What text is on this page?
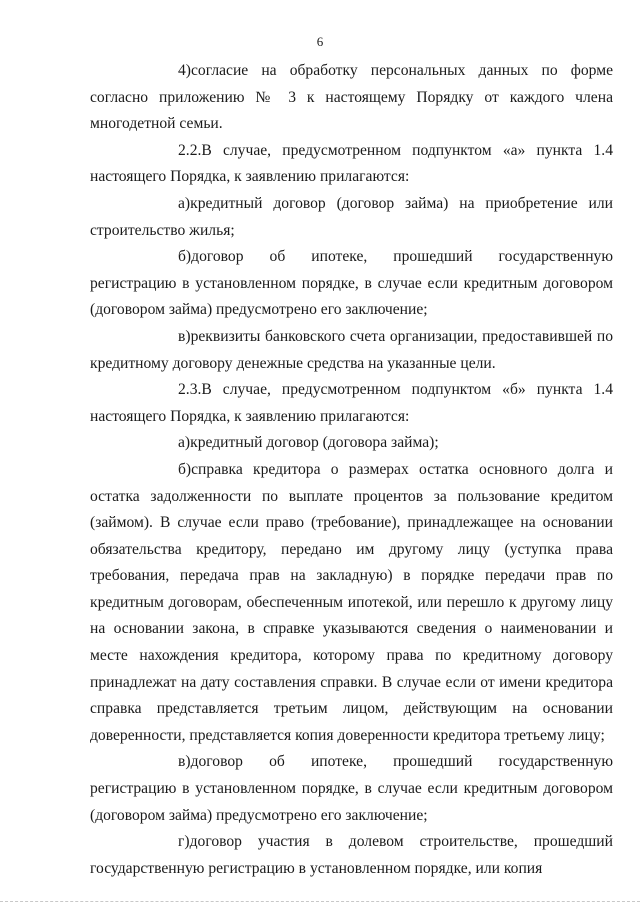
6

4)согласие на обработку персональных данных по форме согласно приложению № 3 к настоящему Порядку от каждого члена многодетной семьи.

2.2.В случае, предусмотренном подпунктом «а» пункта 1.4 настоящего Порядка, к заявлению прилагаются:

а)кредитный договор (договор займа) на приобретение или строительство жилья;

б)договор об ипотеке, прошедший государственную регистрацию в установленном порядке, в случае если кредитным договором (договором займа) предусмотрено его заключение;

в)реквизиты банковского счета организации, предоставившей по кредитному договору денежные средства на указанные цели.

2.3.В случае, предусмотренном подпунктом «б» пункта 1.4 настоящего Порядка, к заявлению прилагаются:

а)кредитный договор (договора займа);

б)справка кредитора о размерах остатка основного долга и остатка задолженности по выплате процентов за пользование кредитом (займом). В случае если право (требование), принадлежащее на основании обязательства кредитору, передано им другому лицу (уступка права требования, передача прав на закладную) в порядке передачи прав по кредитным договорам, обеспеченным ипотекой, или перешло к другому лицу на основании закона, в справке указываются сведения о наименовании и месте нахождения кредитора, которому права по кредитному договору принадлежат на дату составления справки. В случае если от имени кредитора справка представляется третьим лицом, действующим на основании доверенности, представляется копия доверенности кредитора третьему лицу;

в)договор об ипотеке, прошедший государственную регистрацию в установленном порядке, в случае если кредитным договором (договором займа) предусмотрено его заключение;

г)договор участия в долевом строительстве, прошедший государственную регистрацию в установленном порядке, или копия
